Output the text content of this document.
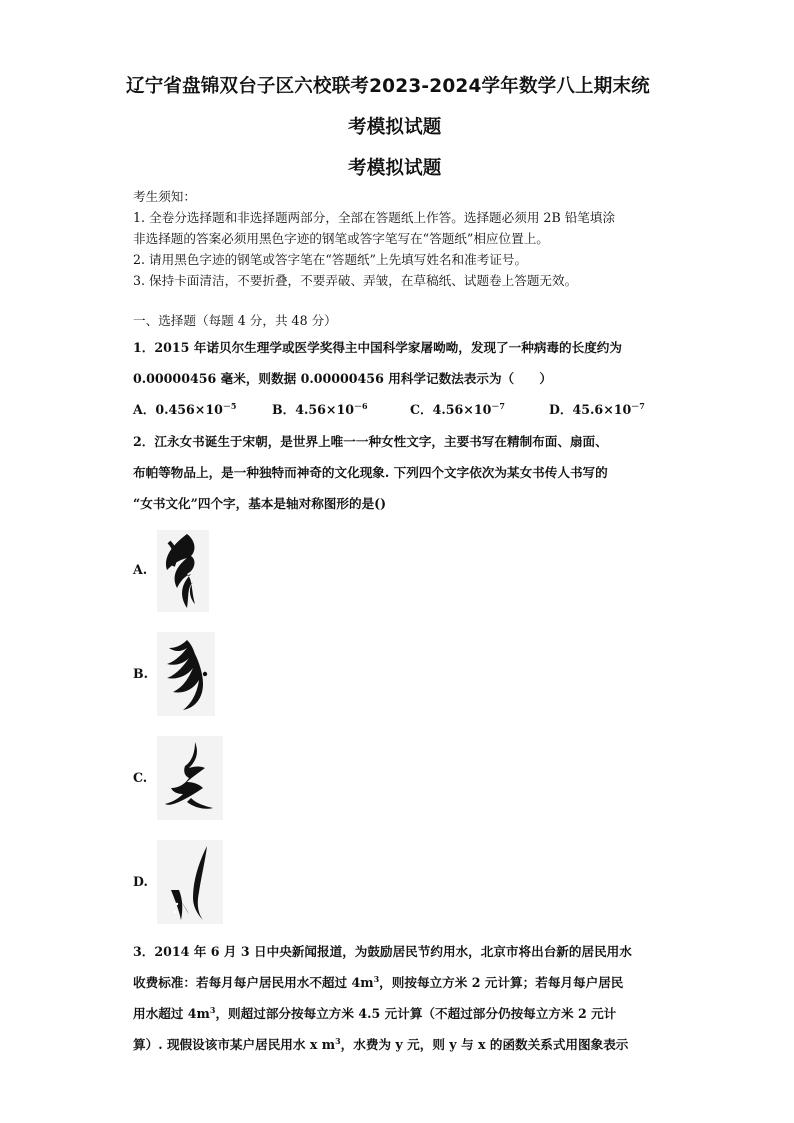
辽宁省盘锦双台子区六校联考2023-2024学年数学八上期末统
考模拟试题
考模拟试题
考生须知：
1. 全卷分选择题和非选择题两部分，全部在答题纸上作答。选择题必须用 2B 铅笔填涂
非选择题的答案必须用黑色字迹的钢笔或答字笔写在“答题纸”相应位置上。
2. 请用黑色字迹的钢笔或答字笔在“答题纸”上先填写姓名和准考证号。
3. 保持卡面清洁，不要折叠，不要弄破、弄皱，在草稿纸、试题卷上答题无效。
一、选择题（每题 4 分，共 48 分）
1．2015 年诺贝尔生理学或医学奖得主中国科学家屠呦呦，发现了一种病毒的长度约为
0.00000456 毫米，则数据 0.00000456 用科学记数法表示为（　　）
A．$0.456\times 10^{-5}$	B．$4.56\times 10^{-6}$	C．$4.56\times 10^{-7}$	D．$45.6\times 10^{-7}$
2．江永女书诞生于宋朝，是世界上唯一一种女性文字，主要书写在精制布面、扇面、
布帕等物品上，是一种独特而神奇的文化现象. 下列四个文字依次为某女书传人书写的
“女书文化”四个字，基本是轴对称图形的是()
A.
B.
C.
D.
3．2014 年 6 月 3 日中央新闻报道，为鼓励居民节约用水，北京市将出台新的居民用水
收费标准：若每月每户居民用水不超过 $4m^3$，则按每立方米 2 元计算；若每月每户居民
用水超过 $4m^3$，则超过部分按每立方米 4.5 元计算（不超过部分仍按每立方米 2 元计
算）. 现假设该市某户居民用水 x $m^3$，水费为 y 元，则 y 与 x 的函数关系式用图象表示
